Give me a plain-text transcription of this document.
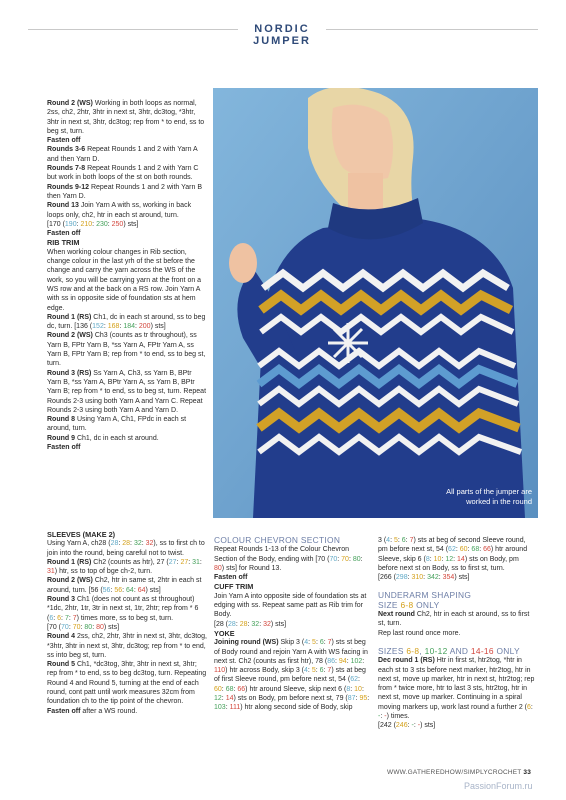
NORDIC JUMPER

Round 2 (WS) Working in both loops as normal, 2ss, ch2, 2htr, 3htr in next st, 3htr, dc3tog, *3htr, 3htr in next st, 3htr, dc3tog; rep from * to end, ss to beg st, turn.

Fasten off

Rounds 3-6 Repeat Rounds 1 and 2 with Yarn A and then Yarn D.

Rounds 7-8 Repeat Rounds 1 and 2 with Yarn C but work in both loops of the st on both rounds.

Rounds 9-12 Repeat Rounds 1 and 2 with Yarn B then Yarn D.

Round 13 Join Yarn A with ss, working in back loops only, ch2, htr in each st around, turn.

[170 (190: 210: 230: 250) sts]

Fasten off

RIB TRIM

When working colour changes in Rib section, change colour in the last yrh of the st before the change and carry the yarn across the WS of the work, so you will be carrying yarn at the front on a WS row and at the back on a RS row. Join Yarn A with ss in opposite side of foundation sts at hem edge.

Round 1 (RS) Ch1, dc in each st around, ss to beg dc, turn. [136 (152: 168: 184: 200) sts]

Round 2 (WS) Ch3 (counts as tr throughout), ss Yarn B, FPtr Yarn B, *ss Yarn A, FPtr Yarn A, ss Yarn B, FPtr Yarn B; rep from * to end, ss to beg st, turn.

Round 3 (RS) Ss Yarn A, Ch3, ss Yarn B, BPtr Yarn B, *ss Yarn A, BPtr Yarn A, ss Yarn B, BPtr Yarn B; rep from * to end, ss to beg st, turn. Repeat Rounds 2-3 using both Yarn A and Yarn C. Repeat Rounds 2-3 using both Yarn A and Yarn D.

Round 8 Using Yarn A, Ch1, FPdc in each st around, turn.

Round 9 Ch1, dc in each st around.

Fasten off

SLEEVES (MAKE 2)

Using Yarn A, ch28 (28: 28: 32: 32), ss to first ch to join into the round, being careful not to twist.

Round 1 (RS) Ch2 (counts as htr), 27 (27: 27: 31: 31) htr, ss to top of bge ch-2, turn.

Round 2 (WS) Ch2, htr in same st, 2htr in each st around, turn. [56 (56: 56: 64: 64) sts]

Round 3 Ch1 (does not count as st throughout) *1dc, 2htr, 1tr, 3tr in next st, 1tr, 2htr; rep from * 6 (6: 6: 7: 7) times more, ss to beg st, turn.

[70 (70: 70: 80: 80) sts]

Round 4 2ss, ch2, 2htr, 3htr in next st, 3htr, dc3tog, *3htr, 3htr in next st, 3htr, dc3tog; rep from * to end, ss into beg st, turn.

Round 5 Ch1, *dc3tog, 3htr, 3htr in next st, 3htr; rep from * to end, ss to beg dc3tog, turn. Repeating Round 4 and Round 5, turning at the end of each round, cont patt until work measures 32cm from foundation ch to the tip point of the chevron.

Fasten off after a WS round.

All parts of the jumper are worked in the round

COLOUR CHEVRON SECTION

Repeat Rounds 1-13 of the Colour Chevron Section of the Body, ending with [70 (70: 70: 80: 80) sts] for Round 13.

Fasten off

CUFF TRIM

Join Yarn A into opposite side of foundation sts at edging with ss. Repeat same patt as Rib trim for Body.

[28 (28: 28: 32: 32) sts]

YOKE

Joining round (WS) Skip 3 (4: 5: 6: 7) sts st beg of Body round and rejoin Yarn A with WS facing in next st. Ch2 (counts as first htr), 78 (86: 94: 102: 110) htr across Body, skip 3 (4: 5: 6: 7) sts at beg of first Sleeve round, pm before next st, 54 (62: 60: 68: 66) htr around Sleeve, skip next 6 (8: 10: 12: 14) sts on Body, pm before next st, 79 (87: 95: 103: 111) htr along second side of Body, skip

3 (4: 5: 6: 7) sts at beg of second Sleeve round, pm before next st, 54 (62: 60: 68: 66) htr around Sleeve, skip 6 (8: 10: 12: 14) sts on Body, pm before next st on Body, ss to first st, turn.

[266 (298: 310: 342: 354) sts]

UNDERARM SHAPING

SIZE 6-8 ONLY

Next round Ch2, htr in each st around, ss to first st, turn.

Rep last round once more.

SIZES 6-8, 10-12 AND 14-16 ONLY

Dec round 1 (RS) Htr in first st, htr2tog, *htr in each st to 3 sts before next marker, htr2tog, htr in next st, move up marker, htr in next st, htr2tog; rep from * twice more, htr to last 3 sts, htr2tog, htr in next st, move up marker. Continuing in a spiral moving markers up, work last round a further 2 (6: -: -) times.

[242 (246: -: -) sts]

WWW.GATHEREDHOW/SIMPLYCROCHET 33
PassionForum.ru
